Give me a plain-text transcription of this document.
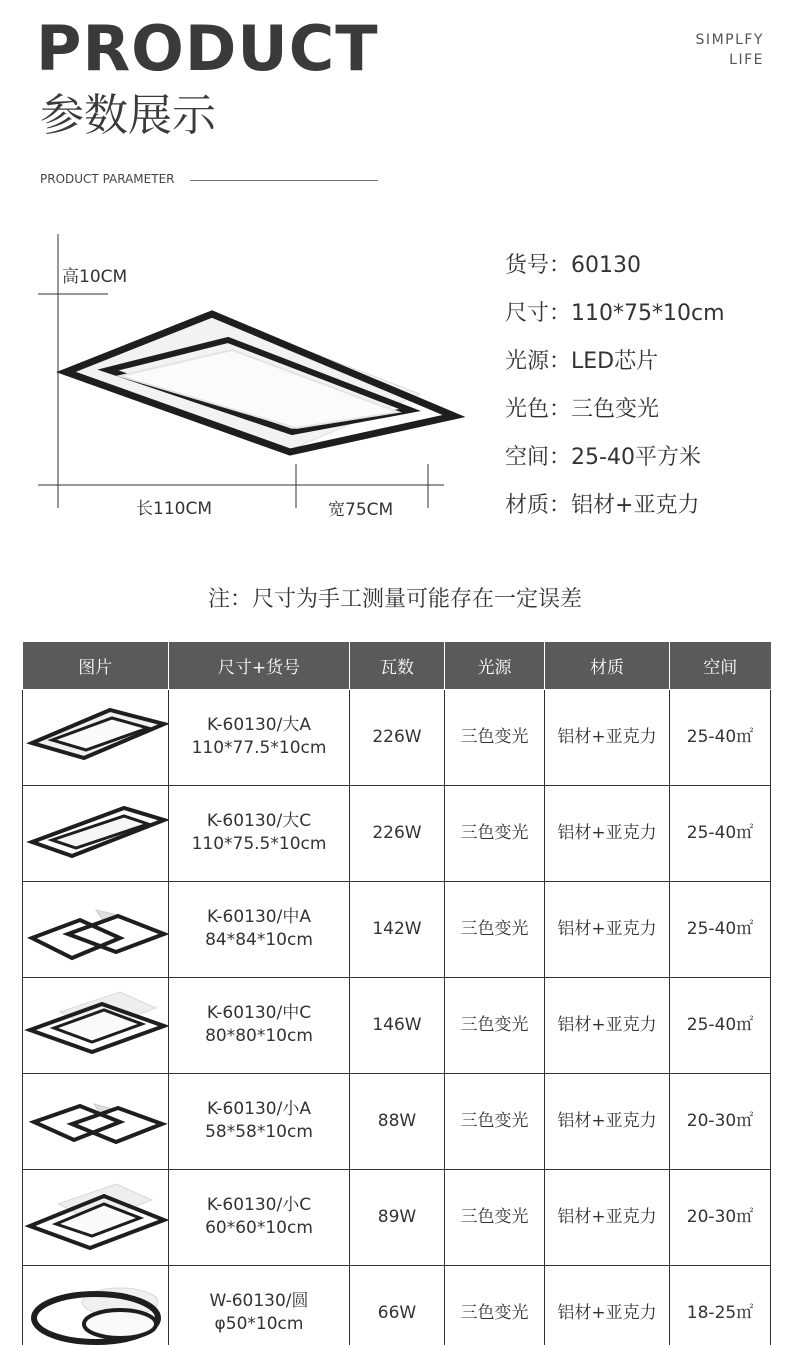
PRODUCT
参数展示
SIMPLFY
LIFE
PRODUCT PARAMETER
高10CM
长110CM	宽75CM
货号：60130
尺寸：110*75*10cm
光源：LED芯片
光色：三色变光
空间：25-40平方米
材质：铝材+亚克力
注：尺寸为手工测量可能存在一定误差
图片	尺寸+货号	瓦数	光源	材质	空间

K-60130/大A
110*77.5*10cm	226W	三色变光	铝材+亚克力	25-40㎡

K-60130/大C
110*75.5*10cm	226W	三色变光	铝材+亚克力	25-40㎡

K-60130/中A
84*84*10cm	142W	三色变光	铝材+亚克力	25-40㎡

K-60130/中C
80*80*10cm	146W	三色变光	铝材+亚克力	25-40㎡

K-60130/小A
58*58*10cm	88W	三色变光	铝材+亚克力	20-30㎡

K-60130/小C
60*60*10cm	89W	三色变光	铝材+亚克力	20-30㎡

W-60130/圆
φ50*10cm	66W	三色变光	铝材+亚克力	18-25㎡
